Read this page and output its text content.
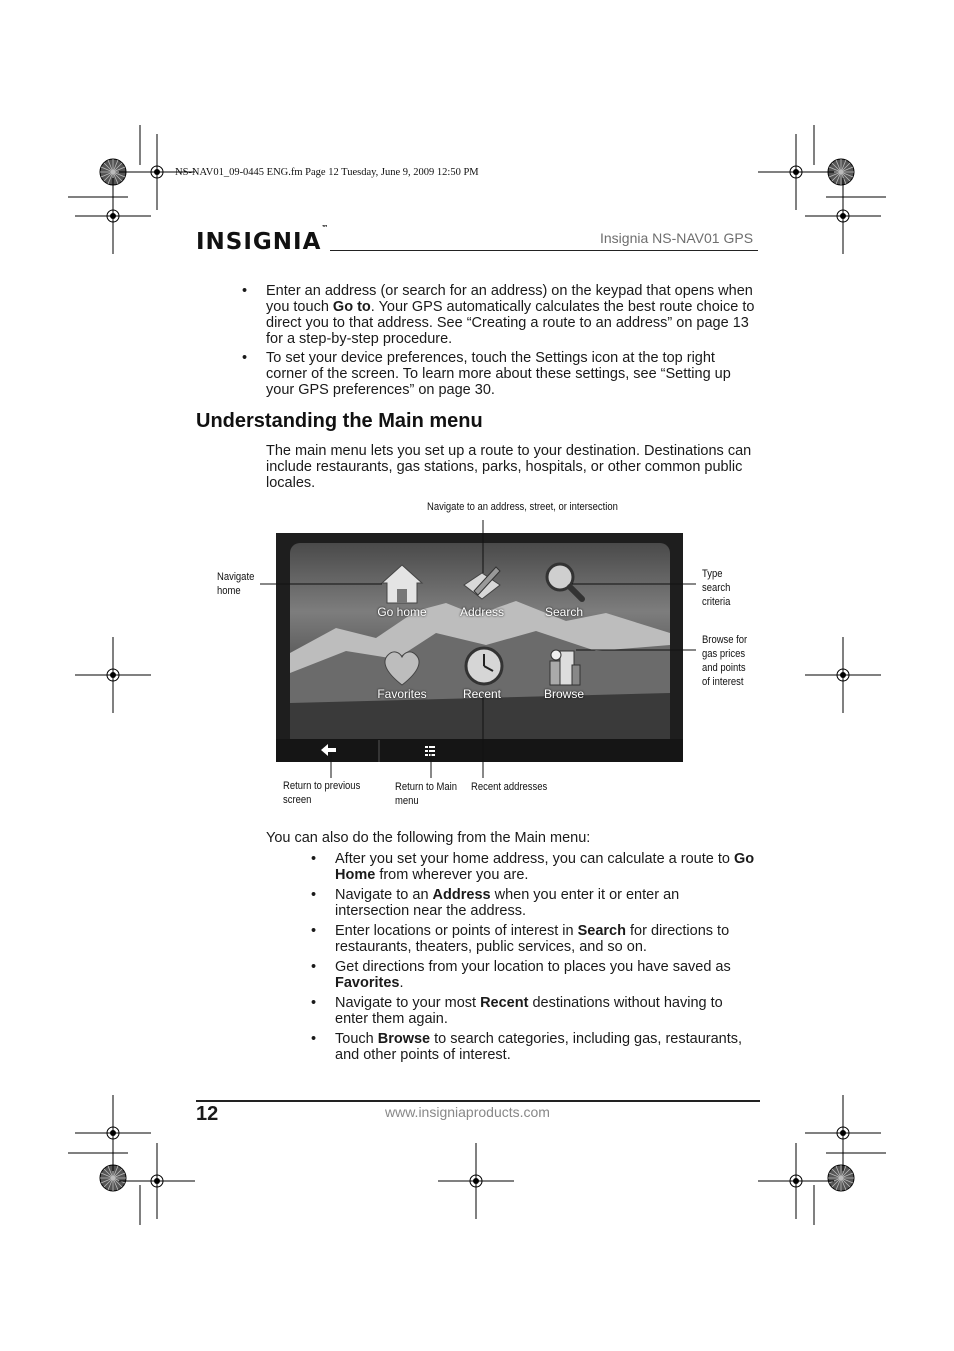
NS-NAV01_09-0445 ENG.fm Page 12 Tuesday, June 9, 2009 12:50 PM
INSIGNIA™
Insignia NS-NAV01 GPS
• Enter an address (or search for an address) on the keypad that opens when you touch Go to. Your GPS automatically calculates the best route choice to direct you to that address. See “Creating a route to an address” on page 13 for a step-by-step procedure.
• To set your device preferences, touch the Settings icon at the top right corner of the screen. To learn more about these settings, see “Setting up your GPS preferences” on page 30.
Understanding the Main menu
The main menu lets you set up a route to your destination. Destinations can include restaurants, gas stations, parks, hospitals, or other common public locales.
Go home	Address	Search
Favorites	Recent	Browse
Navigate to an address, street, or intersection
Navigate
home
Type
search
criteria
Browse for
gas prices
and points
of interest
Return to previous
screen
Return to Main
menu
Recent addresses
You can also do the following from the Main menu:
• After you set your home address, you can calculate a route to Go Home from wherever you are.
• Navigate to an Address when you enter it or enter an intersection near the address.
• Enter locations or points of interest in Search for directions to restaurants, theaters, public services, and so on.
• Get directions from your location to places you have saved as Favorites.
• Navigate to your most Recent destinations without having to enter them again.
• Touch Browse to search categories, including gas, restaurants, and other points of interest.
12	www.insigniaproducts.com
